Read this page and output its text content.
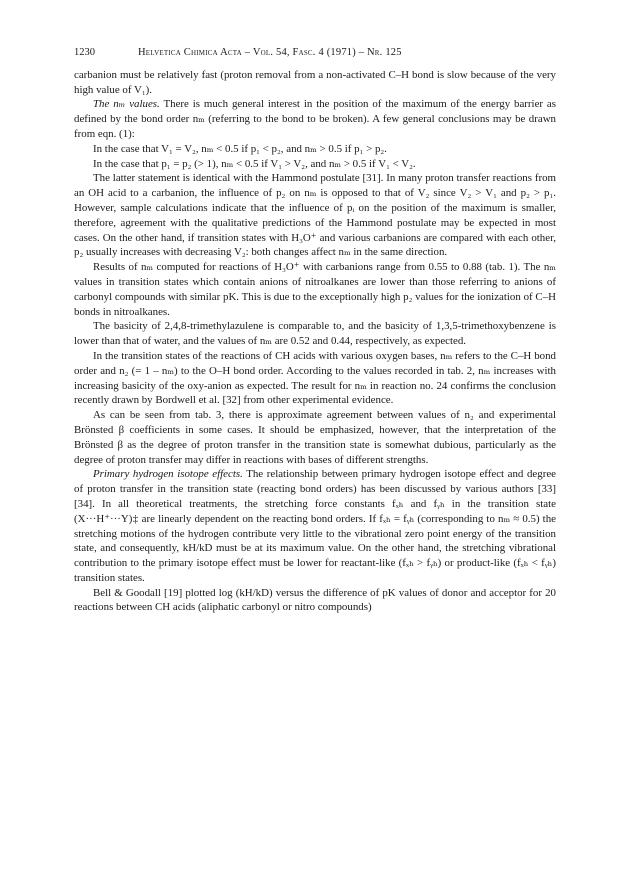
1230	Helvetica Chimica Acta – Vol. 54, Fasc. 4 (1971) – Nr. 125

carbanion must be relatively fast (proton removal from a non-activated C–H bond is slow because of the very high value of V₁).

The nₘ values. There is much general interest in the position of the maximum of the energy barrier as defined by the bond order nₘ (referring to the bond to be broken). A few general conclusions may be drawn from eqn. (1):

In the case that V₁ = V₂, nₘ < 0.5 if p₁ < p₂, and nₘ > 0.5 if p₁ > p₂.

In the case that p₁ = p₂ (> 1), nₘ < 0.5 if V₁ > V₂, and nₘ > 0.5 if V₁ < V₂.

The latter statement is identical with the Hammond postulate [31]. In many proton transfer reactions from an OH acid to a carbanion, the influence of p₂ on nₘ is opposed to that of V₂ since V₂ > V₁ and p₂ > p₁. However, sample calculations indicate that the influence of pᵢ on the position of the maximum is smaller, therefore, agreement with the qualitative predictions of the Hammond postulate may be expected in most cases. On the other hand, if transition states with H₃O⁺ and various carbanions are compared with each other, p₂ usually increases with decreasing V₂: both changes affect nₘ in the same direction.

Results of nₘ computed for reactions of H₃O⁺ with carbanions range from 0.55 to 0.88 (tab. 1). The nₘ values in transition states which contain anions of nitroalkanes are lower than those referring to anions of carbonyl compounds with similar pK. This is due to the exceptionally high p₂ values for the ionization of C–H bonds in nitroalkanes.

The basicity of 2,4,8-trimethylazulene is comparable to, and the basicity of 1,3,5-trimethoxybenzene is lower than that of water, and the values of nₘ are 0.52 and 0.44, respectively, as expected.

In the transition states of the reactions of CH acids with various oxygen bases, nₘ refers to the C–H bond order and n₂ (= 1 – nₘ) to the O–H bond order. According to the values recorded in tab. 2, nₘ increases with increasing basicity of the oxy-anion as expected. The result for nₘ in reaction no. 24 confirms the conclusion recently drawn by Bordwell et al. [32] from other experimental evidence.

As can be seen from tab. 3, there is approximate agreement between values of n₂ and experimental Brönsted β coefficients in some cases. It should be emphasized, however, that the interpretation of the Brönsted β as the degree of proton transfer in the transition state is somewhat dubious, particularly as the degree of proton transfer may differ in reactions with bases of different strengths.

Primary hydrogen isotope effects. The relationship between primary hydrogen isotope effect and degree of proton transfer in the transition state (reacting bond orders) has been discussed by various authors [33] [34]. In all theoretical treatments, the stretching force constants fₓₕ and fᵧₕ in the transition state (X···H⁺···Y)‡ are linearly dependent on the reacting bond orders. If fₓₕ = fᵧₕ (corresponding to nₘ ≈ 0.5) the stretching motions of the hydrogen contribute very little to the vibrational zero point energy of the transition state, and consequently, kH/kD must be at its maximum value. On the other hand, the stretching vibrational contribution to the primary isotope effect must be lower for reactant-like (fₓₕ > fᵧₕ) or product-like (fₓₕ < fᵧₕ) transition states.

Bell & Goodall [19] plotted log (kH/kD) versus the difference of pK values of donor and acceptor for 20 reactions between CH acids (aliphatic carbonyl or nitro compounds)
